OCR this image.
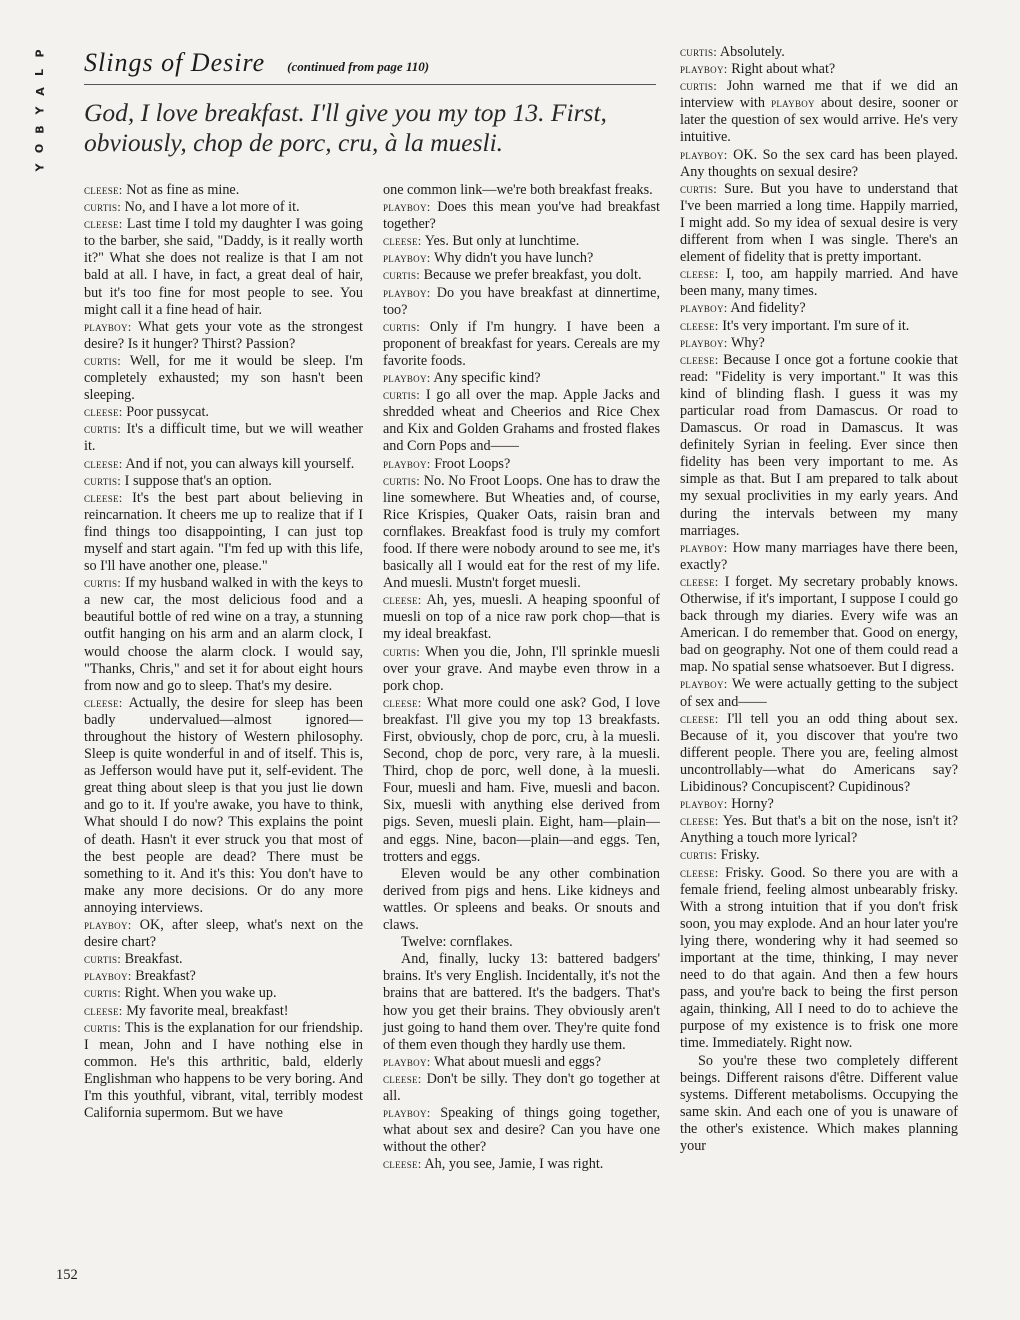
P
L
A
Y
B
O
Y
Slings of Desire (continued from page 110)
God, I love breakfast. I'll give you my top 13. First, obviously, chop de porc, cru, à la muesli.

cleese: Not as fine as mine.

curtis: No, and I have a lot more of it.

cleese: Last time I told my daughter I was going to the barber, she said, "Daddy, is it really worth it?" What she does not realize is that I am not bald at all. I have, in fact, a great deal of hair, but it's too fine for most people to see. You might call it a fine head of hair.

playboy: What gets your vote as the strongest desire? Is it hunger? Thirst? Passion?

curtis: Well, for me it would be sleep. I'm completely exhausted; my son hasn't been sleeping.

cleese: Poor pussycat.

curtis: It's a difficult time, but we will weather it.

cleese: And if not, you can always kill yourself.

curtis: I suppose that's an option.

cleese: It's the best part about believing in reincarnation. It cheers me up to realize that if I find things too disappointing, I can just top myself and start again. "I'm fed up with this life, so I'll have another one, please."

curtis: If my husband walked in with the keys to a new car, the most delicious food and a beautiful bottle of red wine on a tray, a stunning outfit hanging on his arm and an alarm clock, I would choose the alarm clock. I would say, "Thanks, Chris," and set it for about eight hours from now and go to sleep. That's my desire.

cleese: Actually, the desire for sleep has been badly undervalued—almost ignored—throughout the history of Western philosophy. Sleep is quite wonderful in and of itself. This is, as Jefferson would have put it, self-evident. The great thing about sleep is that you just lie down and go to it. If you're awake, you have to think, What should I do now? This explains the point of death. Hasn't it ever struck you that most of the best people are dead? There must be something to it. And it's this: You don't have to make any more decisions. Or do any more annoying interviews.

playboy: OK, after sleep, what's next on the desire chart?

curtis: Breakfast.

playboy: Breakfast?

curtis: Right. When you wake up.

cleese: My favorite meal, breakfast!

curtis: This is the explanation for our friendship. I mean, John and I have nothing else in common. He's this arthritic, bald, elderly Englishman who happens to be very boring. And I'm this youthful, vibrant, vital, terribly modest California supermom. But we have

one common link—we're both breakfast freaks.

playboy: Does this mean you've had breakfast together?

cleese: Yes. But only at lunchtime.

playboy: Why didn't you have lunch?

curtis: Because we prefer breakfast, you dolt.

playboy: Do you have breakfast at dinnertime, too?

curtis: Only if I'm hungry. I have been a proponent of breakfast for years. Cereals are my favorite foods.

playboy: Any specific kind?

curtis: I go all over the map. Apple Jacks and shredded wheat and Cheerios and Rice Chex and Kix and Golden Grahams and frosted flakes and Corn Pops and——

playboy: Froot Loops?

curtis: No. No Froot Loops. One has to draw the line somewhere. But Wheaties and, of course, Rice Krispies, Quaker Oats, raisin bran and cornflakes. Breakfast food is truly my comfort food. If there were nobody around to see me, it's basically all I would eat for the rest of my life. And muesli. Mustn't forget muesli.

cleese: Ah, yes, muesli. A heaping spoonful of muesli on top of a nice raw pork chop—that is my ideal breakfast.

curtis: When you die, John, I'll sprinkle muesli over your grave. And maybe even throw in a pork chop.

cleese: What more could one ask? God, I love breakfast. I'll give you my top 13 breakfasts. First, obviously, chop de porc, cru, à la muesli. Second, chop de porc, very rare, à la muesli. Third, chop de porc, well done, à la muesli. Four, muesli and ham. Five, muesli and bacon. Six, muesli with anything else derived from pigs. Seven, muesli plain. Eight, ham—plain—and eggs. Nine, bacon—plain—and eggs. Ten, trotters and eggs.

Eleven would be any other combination derived from pigs and hens. Like kidneys and wattles. Or spleens and beaks. Or snouts and claws.

Twelve: cornflakes.

And, finally, lucky 13: battered badgers' brains. It's very English. Incidentally, it's not the brains that are battered. It's the badgers. That's how you get their brains. They obviously aren't just going to hand them over. They're quite fond of them even though they hardly use them.

playboy: What about muesli and eggs?

cleese: Don't be silly. They don't go together at all.

playboy: Speaking of things going together, what about sex and desire? Can you have one without the other?

cleese: Ah, you see, Jamie, I was right.

curtis: Absolutely.

playboy: Right about what?

curtis: John warned me that if we did an interview with playboy about desire, sooner or later the question of sex would arrive. He's very intuitive.

playboy: OK. So the sex card has been played. Any thoughts on sexual desire?

curtis: Sure. But you have to understand that I've been married a long time. Happily married, I might add. So my idea of sexual desire is very different from when I was single. There's an element of fidelity that is pretty important.

cleese: I, too, am happily married. And have been many, many times.

playboy: And fidelity?

cleese: It's very important. I'm sure of it.

playboy: Why?

cleese: Because I once got a fortune cookie that read: "Fidelity is very important." It was this kind of blinding flash. I guess it was my particular road from Damascus. Or road to Damascus. Or road in Damascus. It was definitely Syrian in feeling. Ever since then fidelity has been very important to me. As simple as that. But I am prepared to talk about my sexual proclivities in my early years. And during the intervals between my many marriages.

playboy: How many marriages have there been, exactly?

cleese: I forget. My secretary probably knows. Otherwise, if it's important, I suppose I could go back through my diaries. Every wife was an American. I do remember that. Good on energy, bad on geography. Not one of them could read a map. No spatial sense whatsoever. But I digress.

playboy: We were actually getting to the subject of sex and——

cleese: I'll tell you an odd thing about sex. Because of it, you discover that you're two different people. There you are, feeling almost uncontrollably—what do Americans say? Libidinous? Concupiscent? Cupidinous?

playboy: Horny?

cleese: Yes. But that's a bit on the nose, isn't it? Anything a touch more lyrical?

curtis: Frisky.

cleese: Frisky. Good. So there you are with a female friend, feeling almost unbearably frisky. With a strong intuition that if you don't frisk soon, you may explode. And an hour later you're lying there, wondering why it had seemed so important at the time, thinking, I may never need to do that again. And then a few hours pass, and you're back to being the first person again, thinking, All I need to do to achieve the purpose of my existence is to frisk one more time. Immediately. Right now.

So you're these two completely different beings. Different raisons d'être. Different value systems. Different metabolisms. Occupying the same skin. And each one of you is unaware of the other's existence. Which makes planning your

152
